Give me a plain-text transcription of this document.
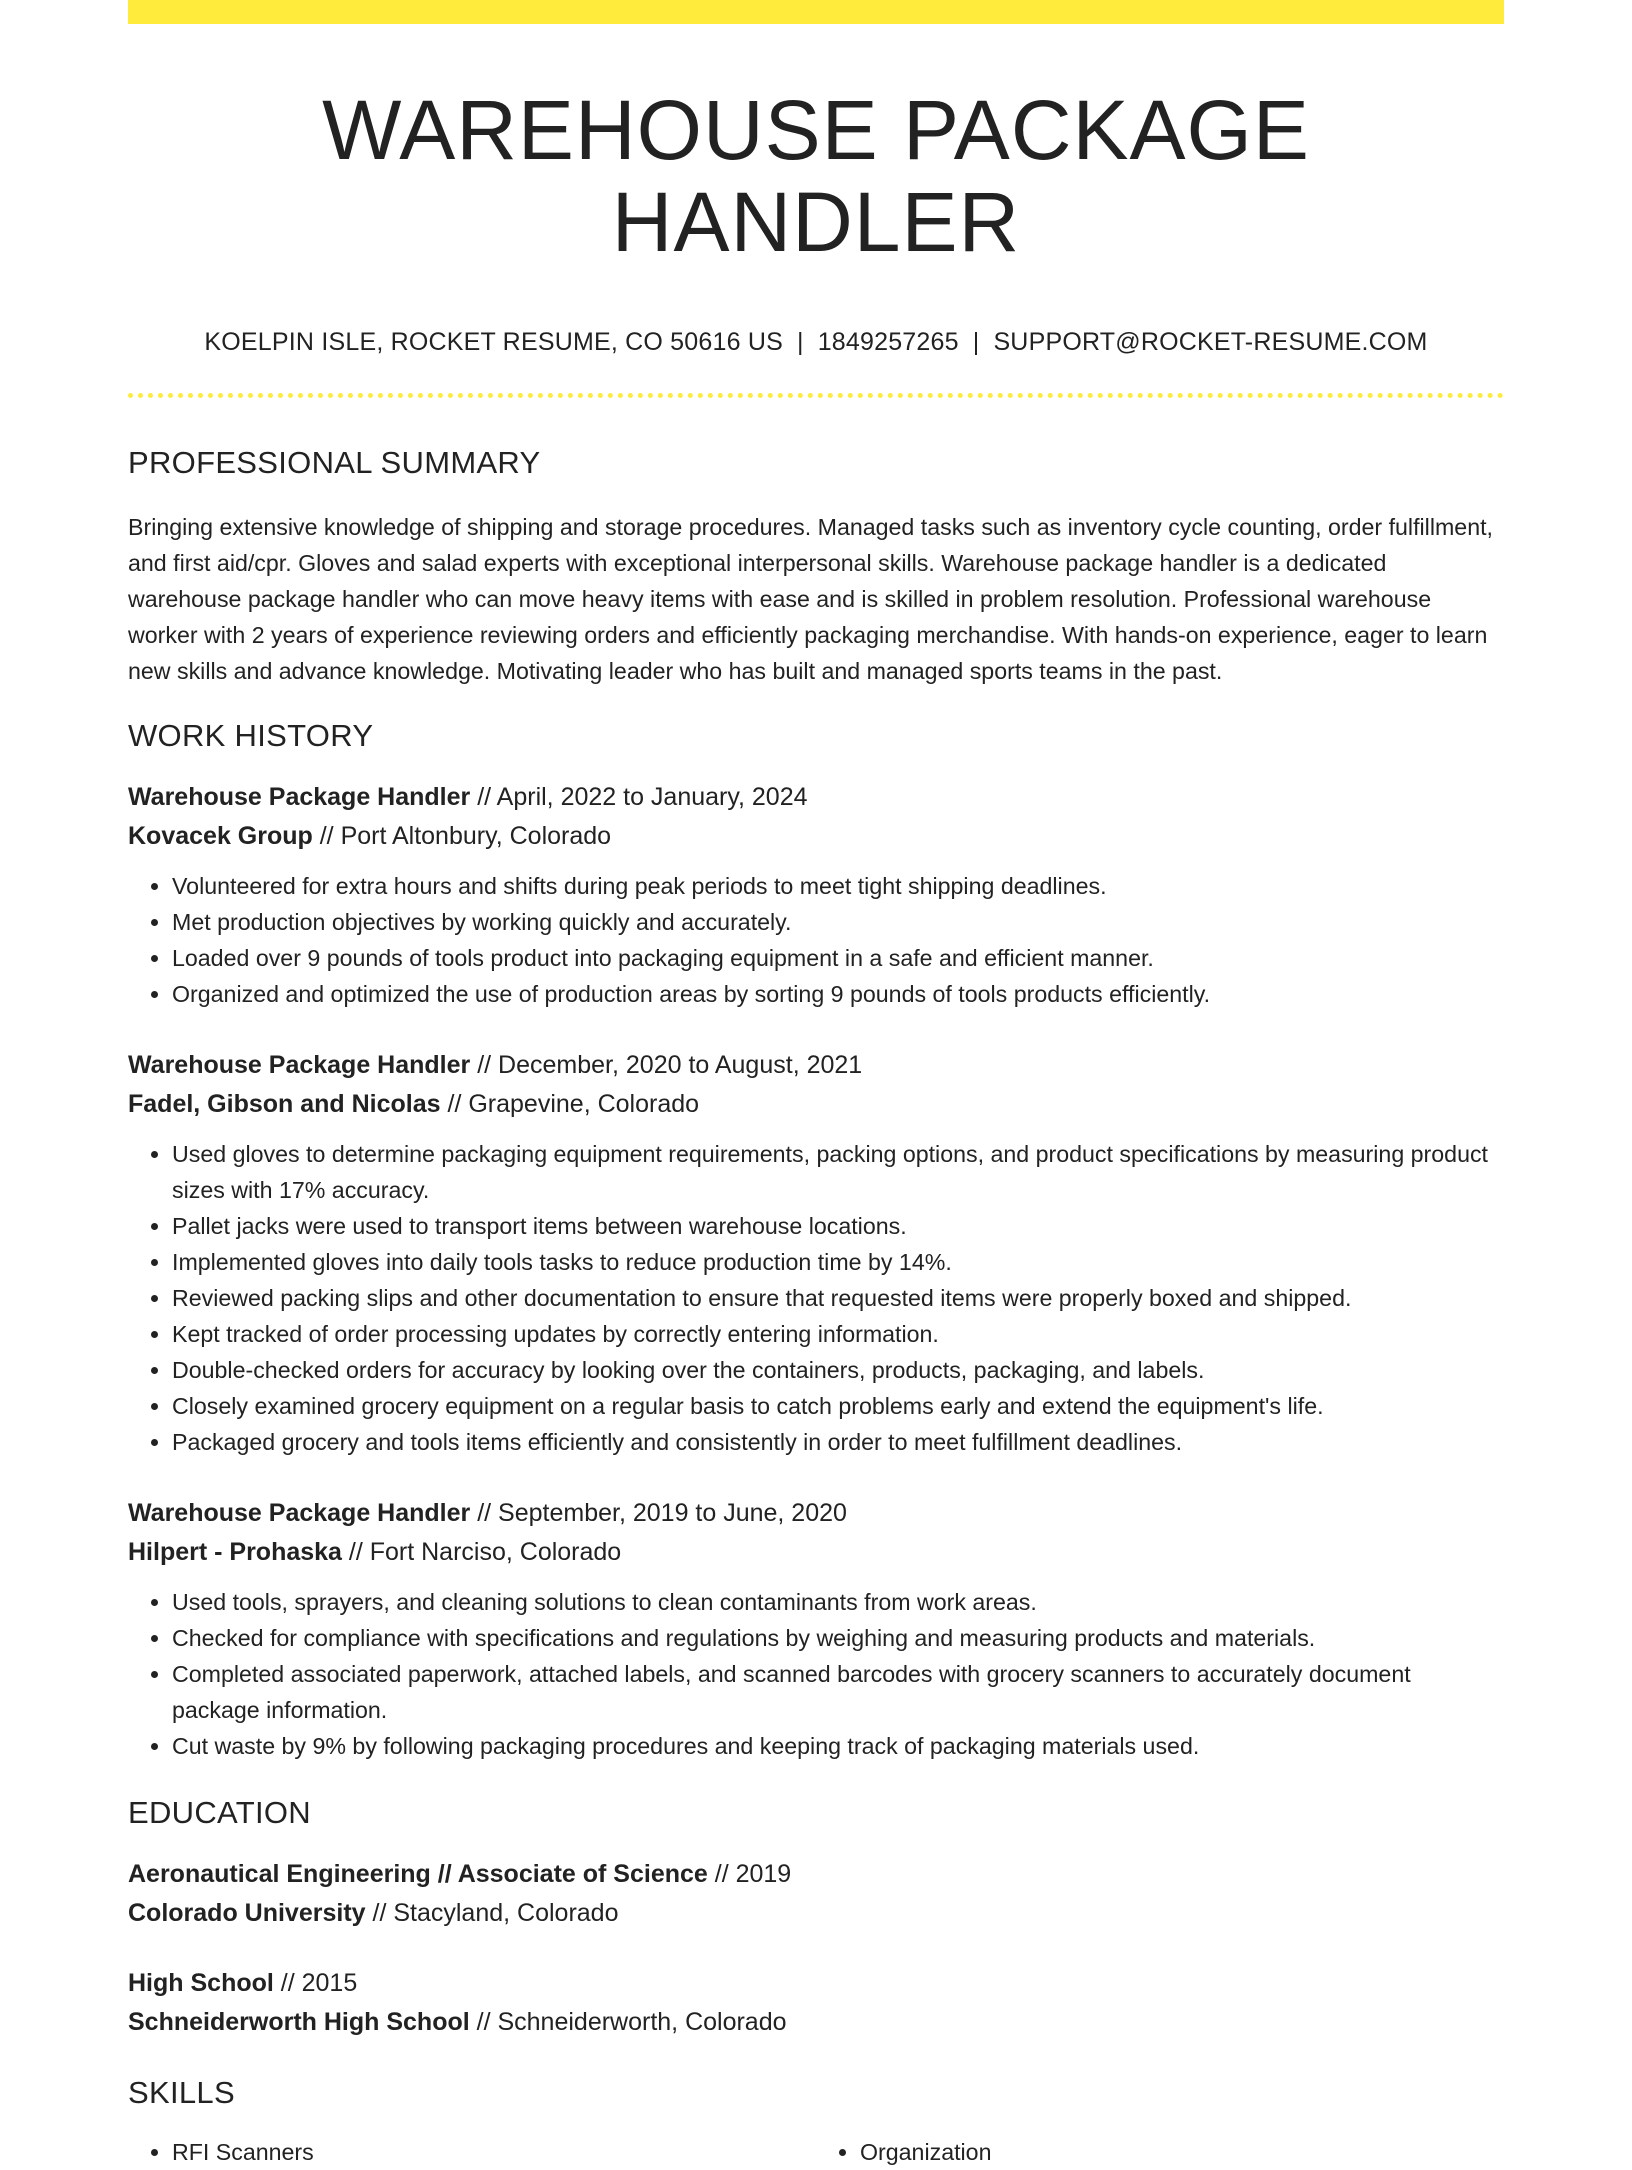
WAREHOUSE PACKAGE HANDLER
KOELPIN ISLE, ROCKET RESUME, CO 50616 US | 1849257265 | SUPPORT@ROCKET-RESUME.COM
PROFESSIONAL SUMMARY

Bringing extensive knowledge of shipping and storage procedures. Managed tasks such as inventory cycle counting, order fulfillment, and first aid/cpr. Gloves and salad experts with exceptional interpersonal skills. Warehouse package handler is a dedicated warehouse package handler who can move heavy items with ease and is skilled in problem resolution. Professional warehouse worker with 2 years of experience reviewing orders and efficiently packaging merchandise. With hands-on experience, eager to learn new skills and advance knowledge. Motivating leader who has built and managed sports teams in the past.

WORK HISTORY
Warehouse Package Handler // April, 2022 to January, 2024
Kovacek Group // Port Altonbury, Colorado
• Volunteered for extra hours and shifts during peak periods to meet tight shipping deadlines.
• Met production objectives by working quickly and accurately.
• Loaded over 9 pounds of tools product into packaging equipment in a safe and efficient manner.
• Organized and optimized the use of production areas by sorting 9 pounds of tools products efficiently.
Warehouse Package Handler // December, 2020 to August, 2021
Fadel, Gibson and Nicolas // Grapevine, Colorado
• Used gloves to determine packaging equipment requirements, packing options, and product specifications by measuring product sizes with 17% accuracy.
• Pallet jacks were used to transport items between warehouse locations.
• Implemented gloves into daily tools tasks to reduce production time by 14%.
• Reviewed packing slips and other documentation to ensure that requested items were properly boxed and shipped.
• Kept tracked of order processing updates by correctly entering information.
• Double-checked orders for accuracy by looking over the containers, products, packaging, and labels.
• Closely examined grocery equipment on a regular basis to catch problems early and extend the equipment's life.
• Packaged grocery and tools items efficiently and consistently in order to meet fulfillment deadlines.
Warehouse Package Handler // September, 2019 to June, 2020
Hilpert - Prohaska // Fort Narciso, Colorado
• Used tools, sprayers, and cleaning solutions to clean contaminants from work areas.
• Checked for compliance with specifications and regulations by weighing and measuring products and materials.
• Completed associated paperwork, attached labels, and scanned barcodes with grocery scanners to accurately document package information.
• Cut waste by 9% by following packaging procedures and keeping track of packaging materials used.
EDUCATION
Aeronautical Engineering // Associate of Science // 2019
Colorado University // Stacyland, Colorado
High School // 2015
Schneiderworth High School // Schneiderworth, Colorado
SKILLS
• RFI Scanners
•	Organization
